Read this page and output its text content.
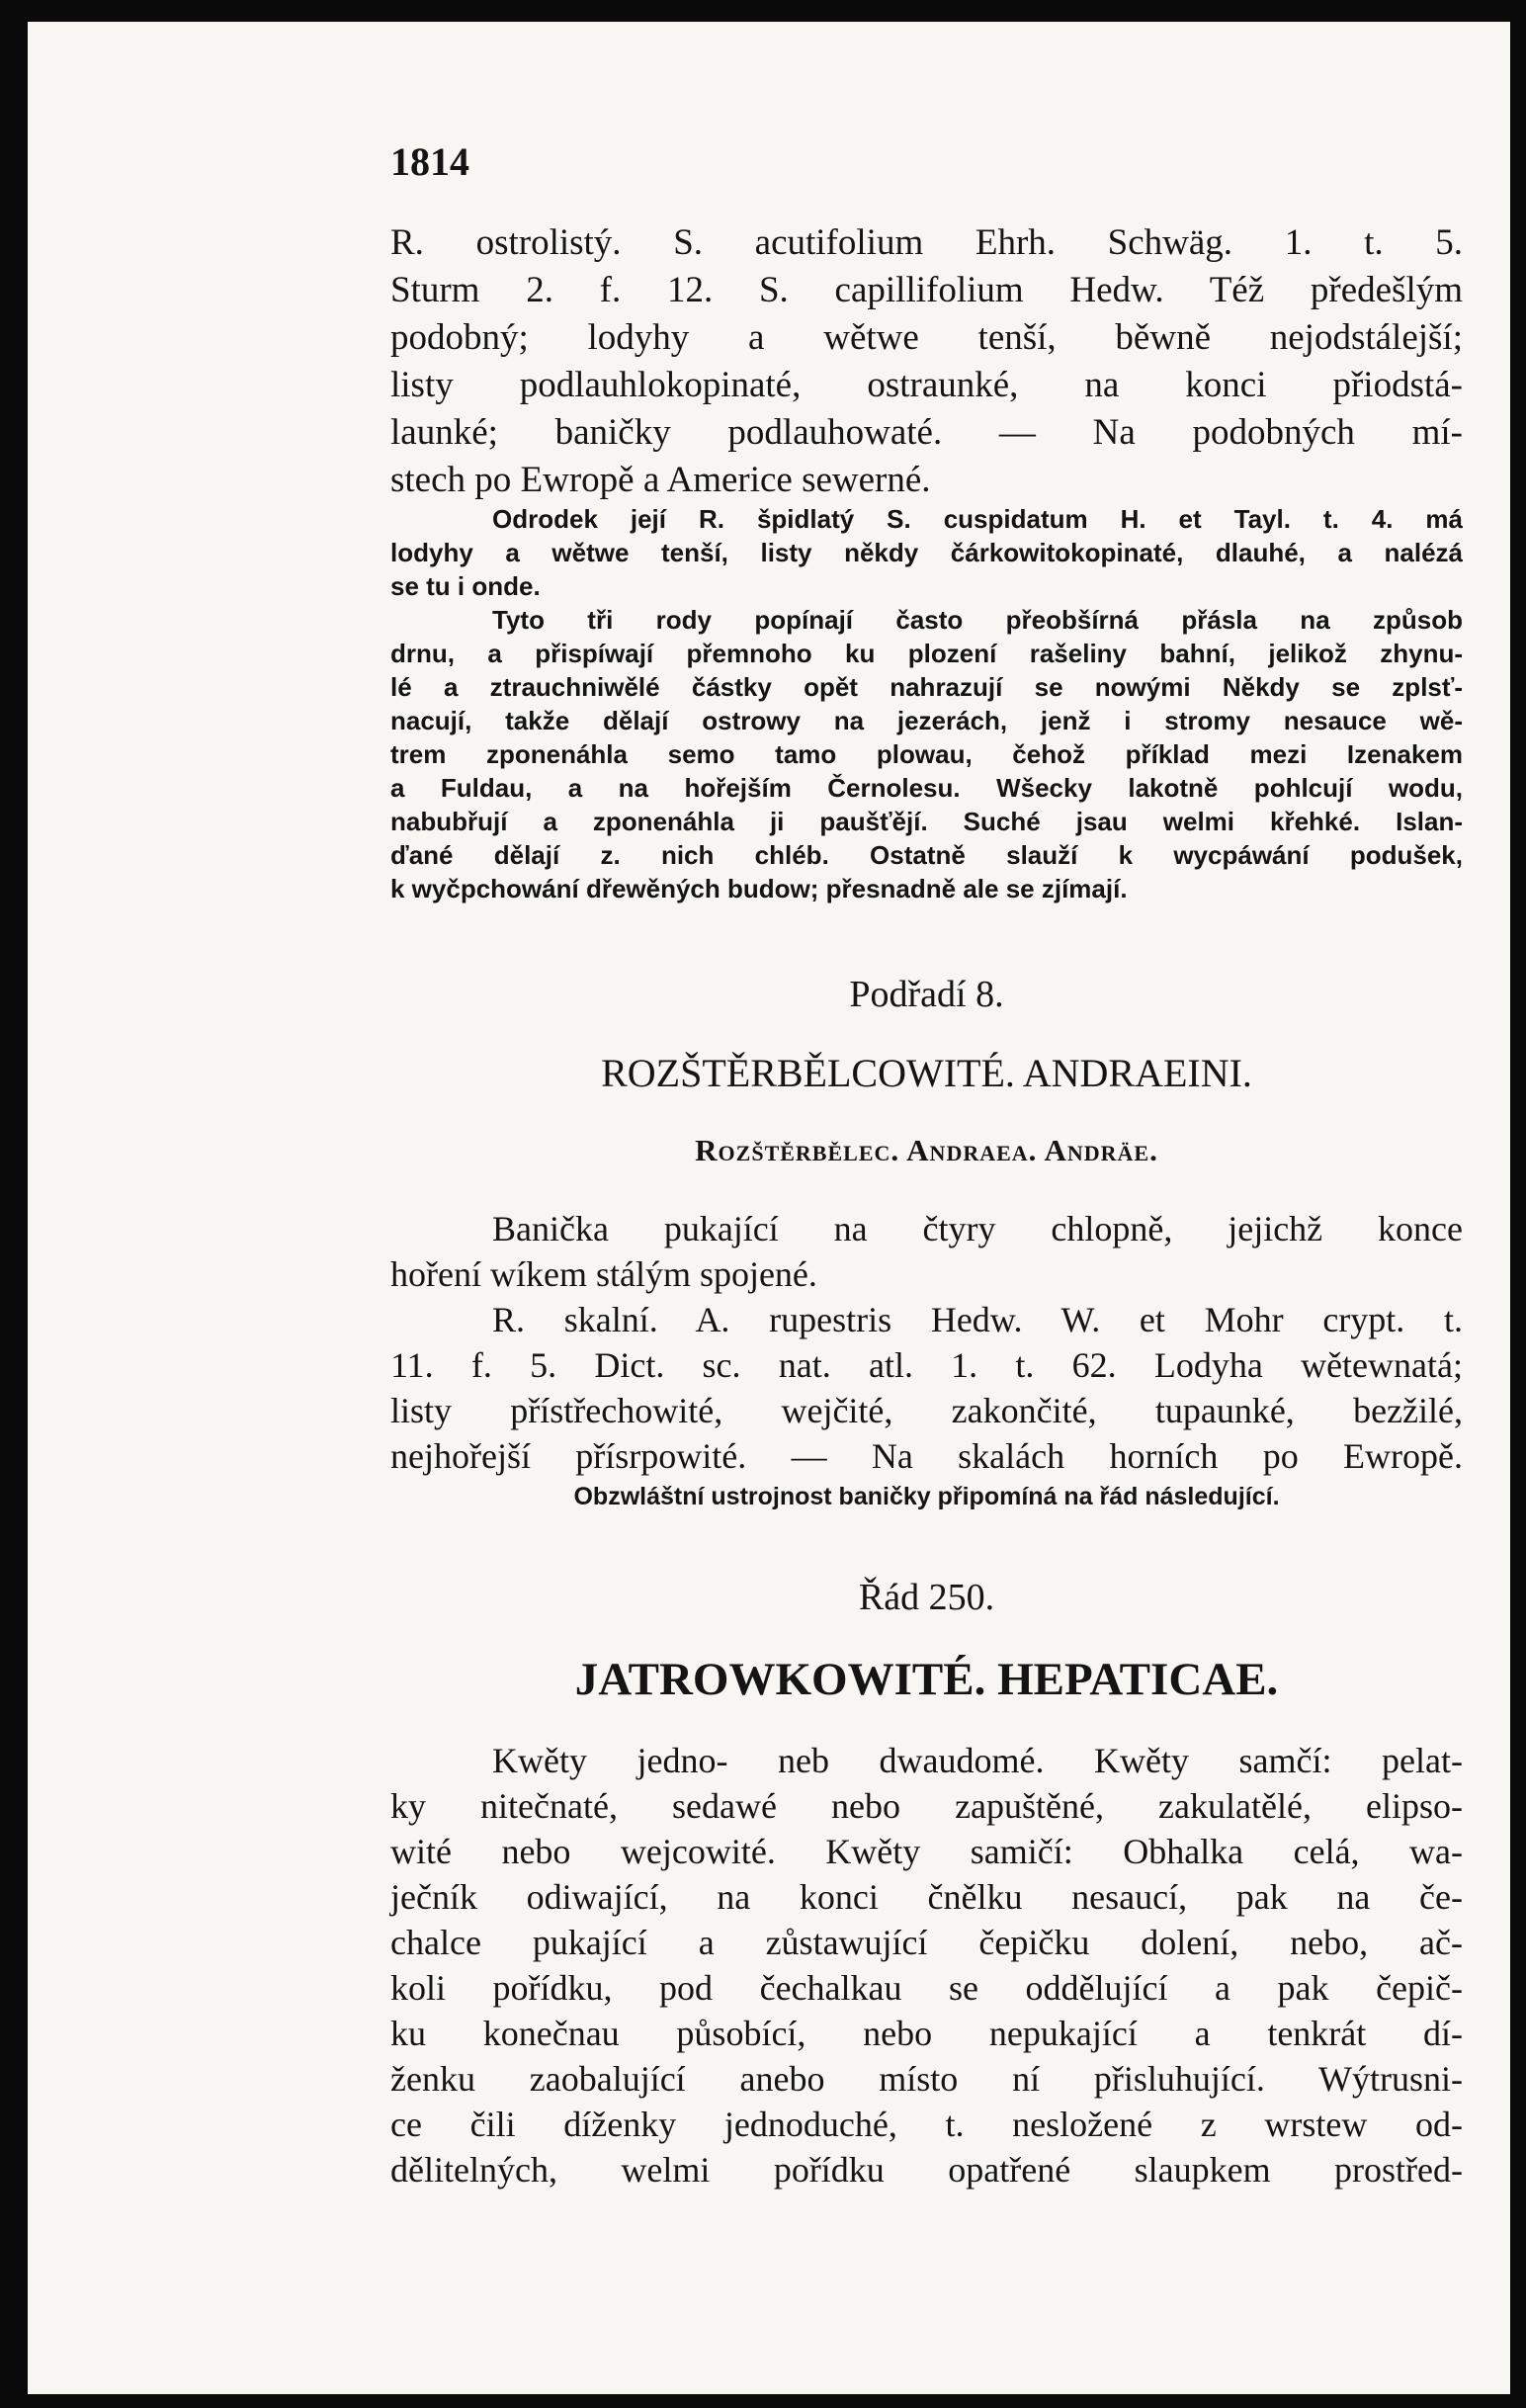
1814
R. ostrolistý. S. acutifolium Ehrh. Schwäg. 1. t. 5.
Sturm 2. f. 12. S. capillifolium Hedw. Též předešlým
podobný; lodyhy a wětwe tenší, běwně nejodstálejší;
listy podlauhlokopinaté, ostraunké, na konci přiodstá-
launké; baničky podlauhowaté. — Na podobných mí-
stech po Ewropě a Americe sewerné.
Odrodek její R. špidlatý S. cuspidatum H. et Tayl. t. 4. má
lodyhy a wětwe tenší, listy někdy čárkowitokopinaté, dlauhé, a nalézá
se tu i onde.
Tyto tři rody popínají často přeobšírná přásla na způsob
drnu, a přispíwají přemnoho ku plození rašeliny bahní, jelikož zhynu-
lé a ztrauchniwělé částky opět nahrazují se nowými Někdy se zplsť-
nacují, takže dělají ostrowy na jezerách, jenž i stromy nesauce wě-
trem zponenáhla semo tamo plowau, čehož příklad mezi Izenakem
a Fuldau, a na hořejším Černolesu. Wšecky lakotně pohlcují wodu,
nabubřují a zponenáhla ji paušťějí. Suché jsau welmi křehké. Islan-
ďané dělají z. nich chléb. Ostatně slauží k wycpáwání podušek,
k wyčpchowání dřewěných budow; přesnadně ale se zjímají.
Podřadí 8.
ROZŠTĚRBĚLCOWITÉ. ANDRAEINI.
Rozštěrbělec. Andraea. Andräe.
Banička pukající na čtyry chlopně, jejichž konce
hoření wíkem stálým spojené.
R. skalní. A. rupestris Hedw. W. et Mohr crypt. t.
11. f. 5. Dict. sc. nat. atl. 1. t. 62. Lodyha wětewnatá;
listy přístřechowité, wejčité, zakončité, tupaunké, bezžilé,
nejhořejší přísrpowité. — Na skalách horních po Ewropě.
Obzwláštní ustrojnost baničky připomíná na řád následující.
Řád 250.
JATROWKOWITÉ. HEPATICAE.
Kwěty jedno- neb dwaudomé. Kwěty samčí: pelat-
ky nitečnaté, sedawé nebo zapuštěné, zakulatělé, elipso-
wité nebo wejcowité. Kwěty samičí: Obhalka celá, wa-
ječník odiwající, na konci čnělku nesaucí, pak na če-
chalce pukající a zůstawující čepičku dolení, nebo, ač-
koli pořídku, pod čechalkau se oddělující a pak čepič-
ku konečnau působící, nebo nepukající a tenkrát dí-
ženku zaobalující anebo místo ní přisluhující. Wýtrusni-
ce čili díženky jednoduché, t. nesložené z wrstew od-
dělitelných, welmi pořídku opatřené slaupkem prostřed-
